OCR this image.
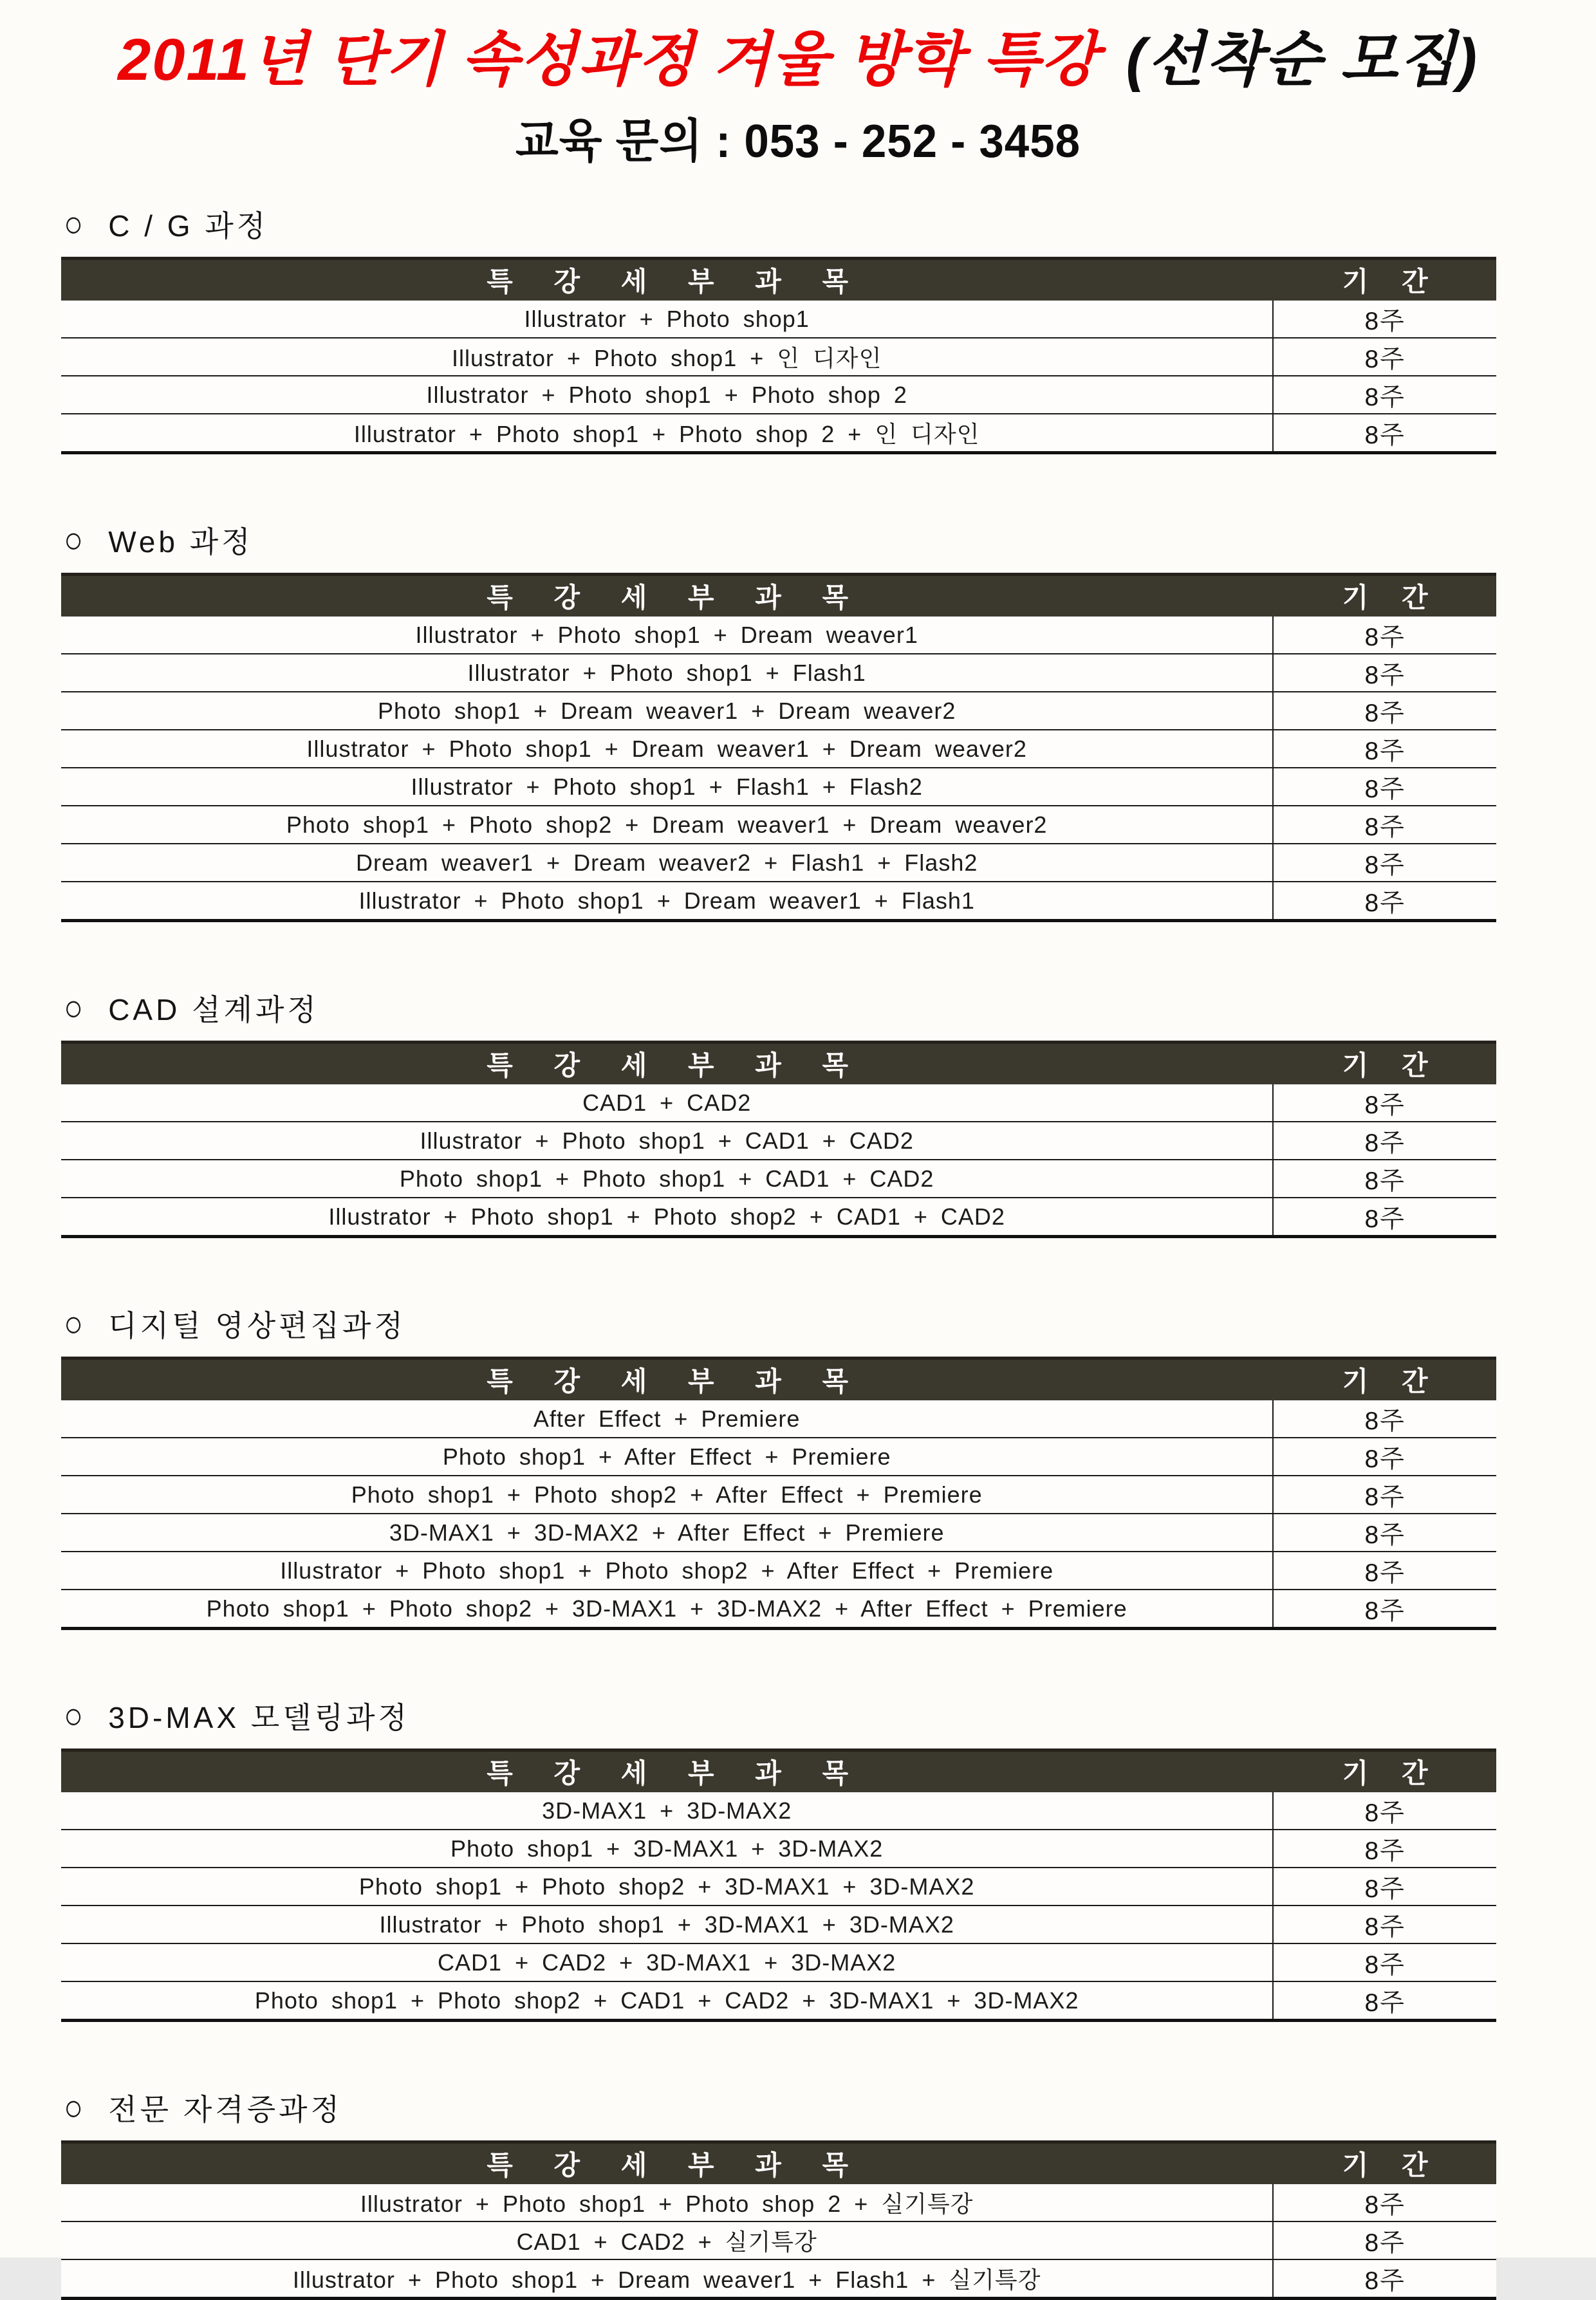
2011년 단기 속성과정 겨울 방학 특강 (선착순 모집)
교육 문의 : 053 - 252 - 3458
○ C / G 과정
특 강 세 부 과 목	기 간
Illustrator + Photo shop1	8주
Illustrator + Photo shop1 + 인 디자인	8주
Illustrator + Photo shop1 + Photo shop 2	8주
Illustrator + Photo shop1 + Photo shop 2 + 인 디자인	8주
○ Web 과정
특 강 세 부 과 목	기 간
Illustrator + Photo shop1 + Dream weaver1	8주
Illustrator + Photo shop1 + Flash1	8주
Photo shop1 + Dream weaver1 + Dream weaver2	8주
Illustrator + Photo shop1 + Dream weaver1 + Dream weaver2	8주
Illustrator + Photo shop1 + Flash1 + Flash2	8주
Photo shop1 + Photo shop2 + Dream weaver1 + Dream weaver2	8주
Dream weaver1 + Dream weaver2 + Flash1 + Flash2	8주
Illustrator + Photo shop1 + Dream weaver1 + Flash1	8주
○ CAD 설계과정
특 강 세 부 과 목	기 간
CAD1 + CAD2	8주
Illustrator + Photo shop1 + CAD1 + CAD2	8주
Photo shop1 + Photo shop1 + CAD1 + CAD2	8주
Illustrator + Photo shop1 + Photo shop2 + CAD1 + CAD2	8주
○ 디지털 영상편집과정
특 강 세 부 과 목	기 간
After Effect + Premiere	8주
Photo shop1 + After Effect + Premiere	8주
Photo shop1 + Photo shop2 + After Effect + Premiere	8주
3D-MAX1 + 3D-MAX2 + After Effect + Premiere	8주
Illustrator + Photo shop1 + Photo shop2 + After Effect + Premiere	8주
Photo shop1 + Photo shop2 + 3D-MAX1 + 3D-MAX2 + After Effect + Premiere	8주
○ 3D-MAX 모델링과정
특 강 세 부 과 목	기 간
3D-MAX1 + 3D-MAX2	8주
Photo shop1 + 3D-MAX1 + 3D-MAX2	8주
Photo shop1 + Photo shop2 + 3D-MAX1 + 3D-MAX2	8주
Illustrator + Photo shop1 + 3D-MAX1 + 3D-MAX2	8주
CAD1 + CAD2 + 3D-MAX1 + 3D-MAX2	8주
Photo shop1 + Photo shop2 + CAD1 + CAD2 + 3D-MAX1 + 3D-MAX2	8주
○ 전문 자격증과정
특 강 세 부 과 목	기 간
Illustrator + Photo shop1 + Photo shop 2 + 실기특강	8주
CAD1 + CAD2 + 실기특강	8주
Illustrator + Photo shop1 + Dream weaver1 + Flash1 + 실기특강	8주
